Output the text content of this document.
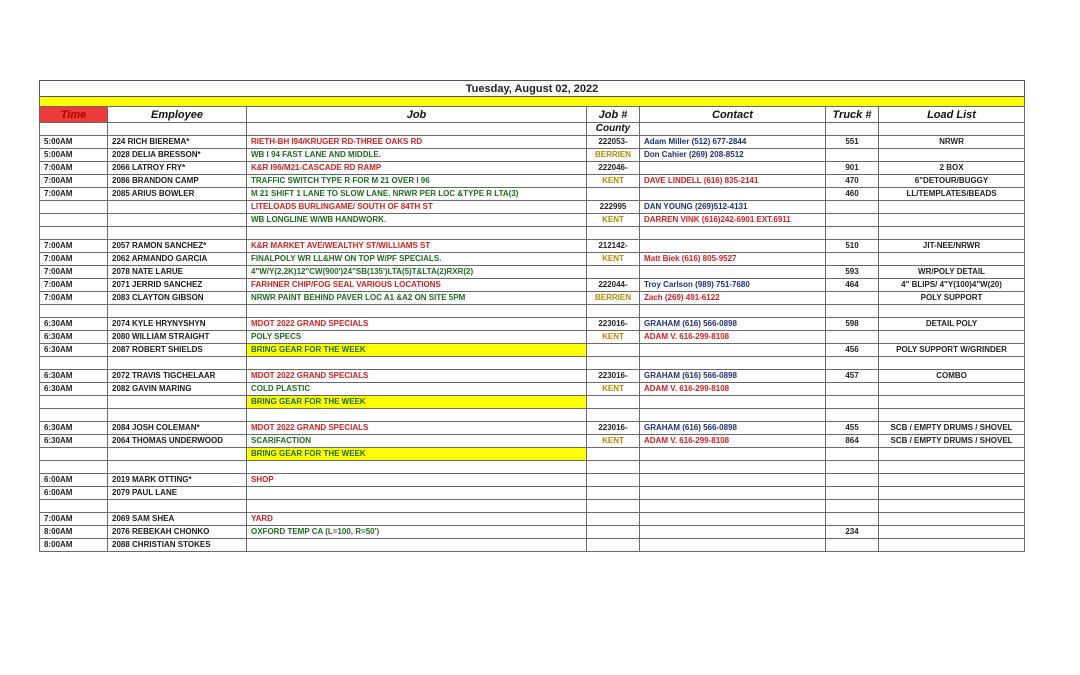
Tuesday, August 02, 2022						

Time	Employee	Job	Job #	Contact	Truck #	Load List
			County			
5:00AM	224 RICH BIEREMA*	RIETH-BH I94/KRUGER RD-THREE OAKS RD	222053-	Adam Miller (512) 677-2844	551	NRWR
5:00AM	2028 DELIA BRESSON*	WB I 94 FAST LANE AND MIDDLE.	BERRIEN	Don Cahier (269) 208-8512		
7:00AM	2066 LATROY FRY*	K&R I96/M21-CASCADE RD RAMP	222046-		901	2 BOX
7:00AM	2086 BRANDON CAMP	TRAFFIC SWITCH TYPE R FOR M 21 OVER I 96	KENT	DAVE LINDELL (616) 835-2141	470	6"DETOUR/BUGGY
7:00AM	2085 ARIUS BOWLER	M 21 SHIFT 1 LANE TO SLOW LANE. NRWR PER LOC &TYPE R LTA(3)			460	LL/TEMPLATES/BEADS
		LITELOADS BURLINGAME/ SOUTH OF 84TH ST	222995	DAN YOUNG (269)512-4131		
		WB LONGLINE W/WB HANDWORK.	KENT	DARREN VINK (616)242-6901 EXT.6911		

7:00AM	2057 RAMON SANCHEZ*	K&R MARKET AVE/WEALTHY ST/WILLIAMS ST	212142-		510	JIT-NEE/NRWR
7:00AM	2062 ARMANDO GARCIA	FINALPOLY WR LL&HW ON TOP W/PF SPECIALS.	KENT	Matt Biek (616) 805-9527		
7:00AM	2078 NATE LARUE	4"W/Y(2.2K)12"CW(900')24"SB(135')LTA(5)T&LTA(2)RXR(2)			593	WR/POLY DETAIL
7:00AM	2071 JERRID SANCHEZ	FARHNER CHIP/FOG SEAL VARIOUS LOCATIONS	222044-	Troy Carlson (989) 751-7680	464	4" BLIPS/ 4"Y(100)4"W(20)
7:00AM	2083 CLAYTON GIBSON	NRWR PAINT BEHIND PAVER LOC A1 &A2 ON SITE 5PM	BERRIEN	Zach (269) 491-6122		POLY SUPPORT

6:30AM	2074 KYLE HRYNYSHYN	MDOT 2022 GRAND SPECIALS	223016-	GRAHAM (616) 566-0898	598	DETAIL POLY
6:30AM	2080 WILLIAM STRAIGHT	POLY SPECS	KENT	ADAM V. 616-299-8108		
6:30AM	2087 ROBERT SHIELDS	BRING GEAR FOR THE WEEK			456	POLY SUPPORT W/GRINDER

6:30AM	2072 TRAVIS TIGCHELAAR	MDOT 2022 GRAND SPECIALS	223016-	GRAHAM (616) 566-0898	457	COMBO
6:30AM	2082 GAVIN MARING	COLD PLASTIC	KENT	ADAM V. 616-299-8108		
		BRING GEAR FOR THE WEEK				

6:30AM	2084 JOSH COLEMAN*	MDOT 2022 GRAND SPECIALS	223016-	GRAHAM (616) 566-0898	455	SCB / EMPTY DRUMS / SHOVEL
6:30AM	2064 THOMAS UNDERWOOD	SCARIFACTION	KENT	ADAM V. 616-299-8108	864	SCB / EMPTY DRUMS / SHOVEL
		BRING GEAR FOR THE WEEK				

6:00AM	2019 MARK OTTING*	SHOP				
6:00AM	2079 PAUL LANE					

7:00AM	2069 SAM SHEA	YARD				
8:00AM	2076 REBEKAH CHONKO	OXFORD TEMP CA (L=100, R=50')			234	
8:00AM	2088 CHRISTIAN STOKES					
